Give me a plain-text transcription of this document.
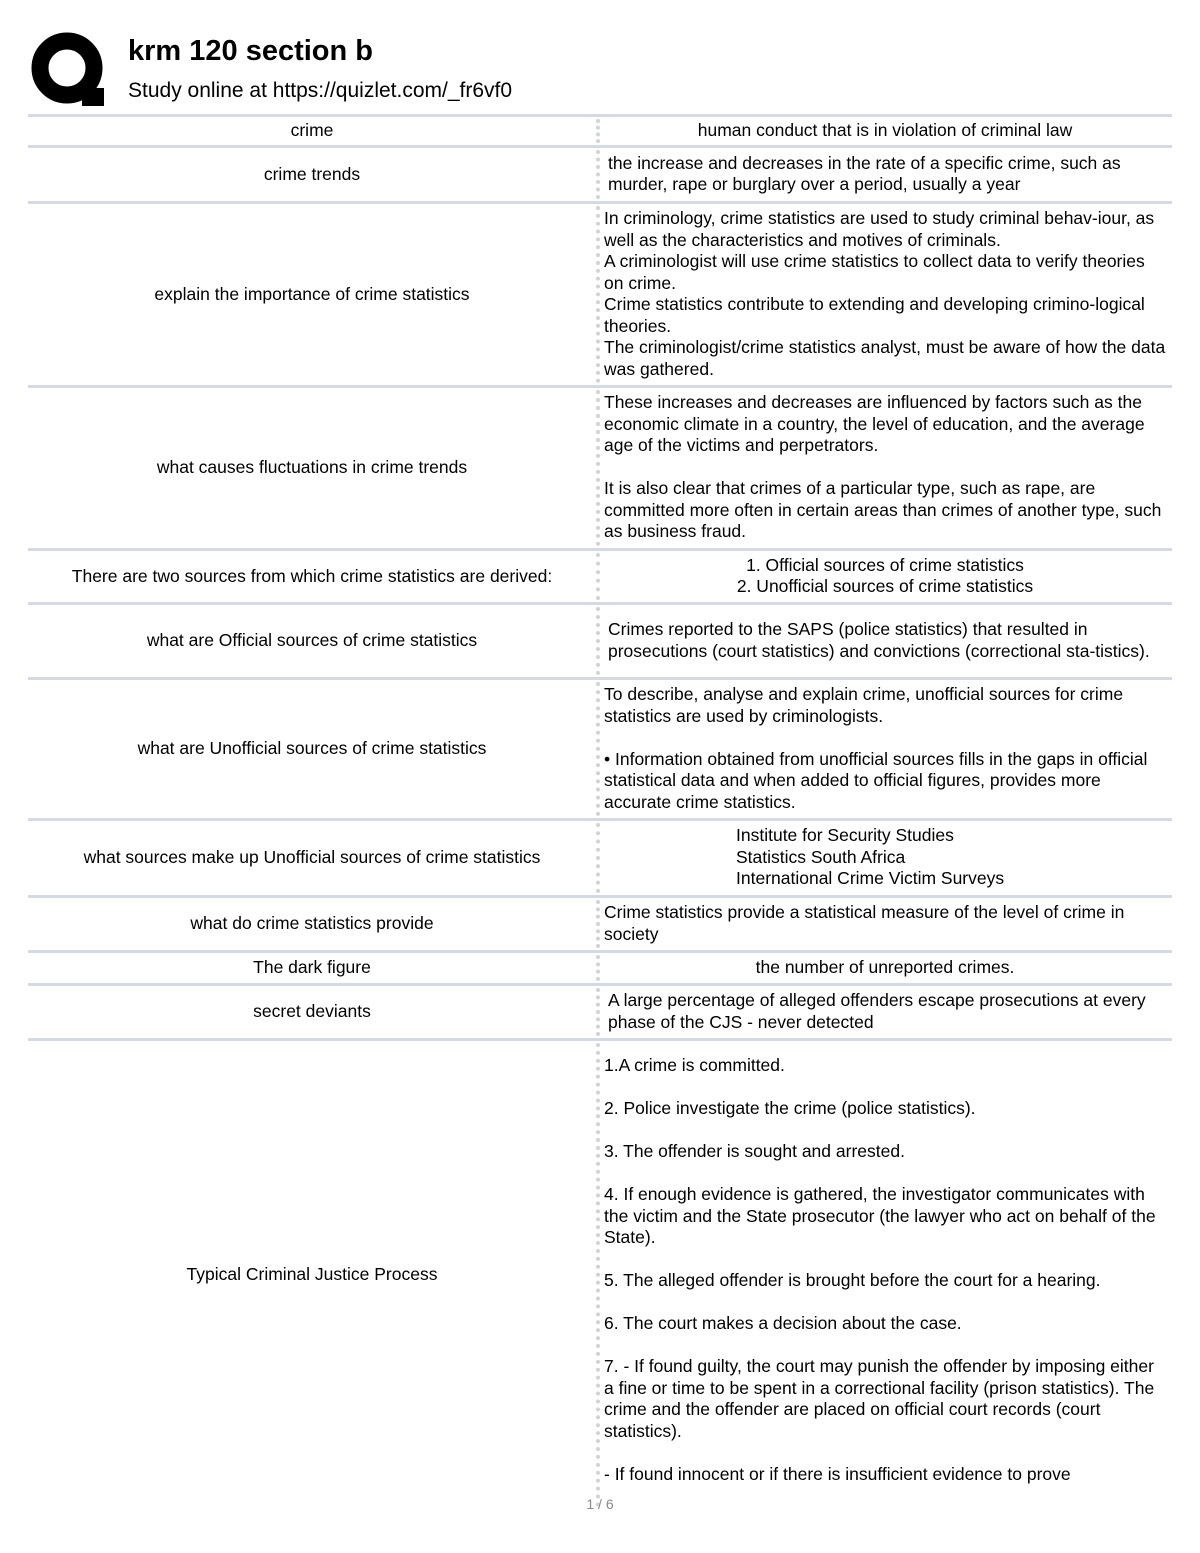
krm 120 section b
Study online at https://quizlet.com/_fr6vf0
crime	human conduct that is in violation of criminal law

crime trends

the increase and decreases in the rate of a specific crime, such as murder, rape or burglary over a period, usually a year

explain the importance of crime statistics

In criminology, crime statistics are used to study criminal behav-iour, as well as the characteristics and motives of criminals.

A criminologist will use crime statistics to collect data to verify theories on crime.

Crime statistics contribute to extending and developing crimino-logical theories.

The criminologist/crime statistics analyst, must be aware of how the data was gathered.

what causes fluctuations in crime trends

These increases and decreases are influenced by factors such as the economic climate in a country, the level of education, and the average age of the victims and perpetrators.

It is also clear that crimes of a particular type, such as rape, are committed more often in certain areas than crimes of another type, such as business fraud.

There are two sources from which crime statistics are derived:

1. Official sources of crime statistics

2. Unofficial sources of crime statistics

what are Official sources of crime statistics

Crimes reported to the SAPS (police statistics) that resulted in prosecutions (court statistics) and convictions (correctional sta-tistics).

what are Unofficial sources of crime statistics

To describe, analyse and explain crime, unofficial sources for crime statistics are used by criminologists.

• Information obtained from unofficial sources fills in the gaps in official statistical data and when added to official figures, provides more accurate crime statistics.

what sources make up Unofficial sources of crime statistics

Institute for Security Studies

Statistics South Africa

International Crime Victim Surveys

what do crime statistics provide

Crime statistics provide a statistical measure of the level of crime in society

The dark figure	the number of unreported crimes.

secret deviants

A large percentage of alleged offenders escape prosecutions at every phase of the CJS - never detected

Typical Criminal Justice Process

1.A crime is committed.

2. Police investigate the crime (police statistics).

3. The offender is sought and arrested.

4. If enough evidence is gathered, the investigator communicates with the victim and the State prosecutor (the lawyer who act on behalf of the State).

5. The alleged offender is brought before the court for a hearing.

6. The court makes a decision about the case.

7. - If found guilty, the court may punish the offender by imposing either a fine or time to be spent in a correctional facility (prison statistics). The crime and the offender are placed on official court records (court statistics).

- If found innocent or if there is insufficient evidence to prove

1 / 6
